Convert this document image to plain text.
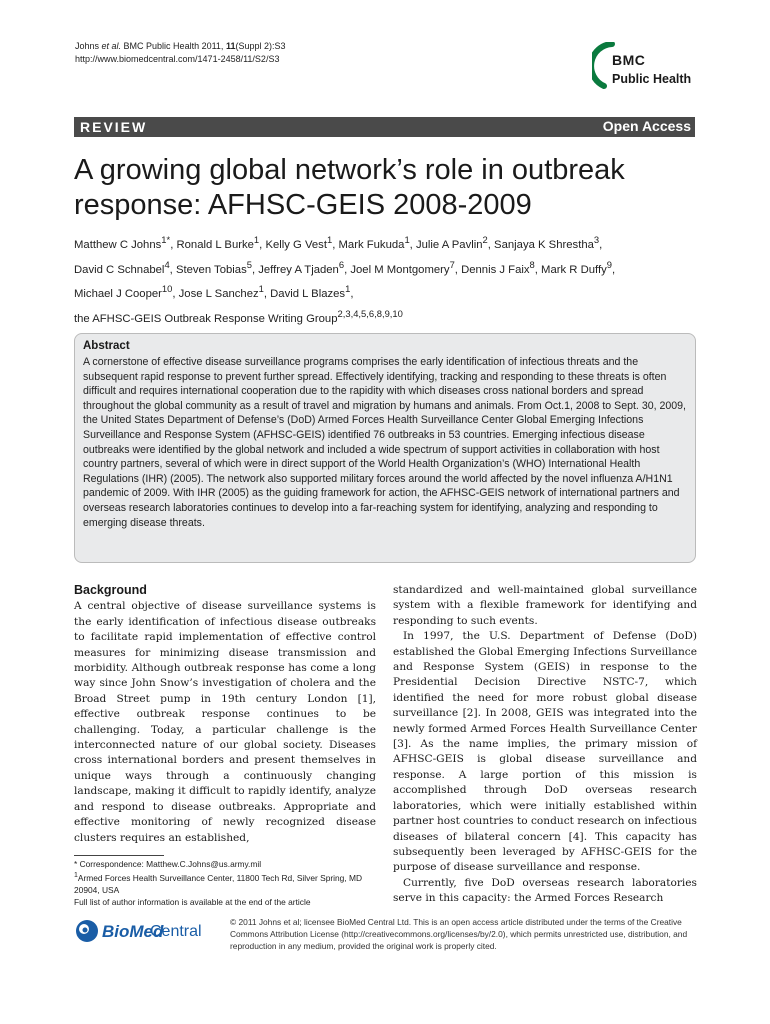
Johns et al. BMC Public Health 2011, 11(Suppl 2):S3
http://www.biomedcentral.com/1471-2458/11/S2/S3	BMC
Public Health
REVIEW	Open Access
A growing global network’s role in outbreak response: AFHSC-GEIS 2008-2009
Matthew C Johns$^{1*}$, Ronald L Burke$^1$, Kelly G Vest$^1$, Mark Fukuda$^1$, Julie A Pavlin$^2$, Sanjaya K Shrestha$^3$,
David C Schnabel$^4$, Steven Tobias$^5$, Jeffrey A Tjaden$^6$, Joel M Montgomery$^7$, Dennis J Faix$^8$, Mark R Duffy$^9$,
Michael J Cooper$^{10}$, Jose L Sanchez$^1$, David L Blazes$^1$,
the AFHSC-GEIS Outbreak Response Writing Group$^{2,3,4,5,6,8,9,10}$
Abstract

A cornerstone of effective disease surveillance programs comprises the early identification of infectious threats and the subsequent rapid response to prevent further spread. Effectively identifying, tracking and responding to these threats is often difficult and requires international cooperation due to the rapidity with which diseases cross national borders and spread throughout the global community as a result of travel and migration by humans and animals. From Oct.1, 2008 to Sept. 30, 2009, the United States Department of Defense’s (DoD) Armed Forces Health Surveillance Center Global Emerging Infections Surveillance and Response System (AFHSC-GEIS) identified 76 outbreaks in 53 countries. Emerging infectious disease outbreaks were identified by the global network and included a wide spectrum of support activities in collaboration with host country partners, several of which were in direct support of the World Health Organization’s (WHO) International Health Regulations (IHR) (2005). The network also supported military forces around the world affected by the novel influenza A/H1N1 pandemic of 2009. With IHR (2005) as the guiding framework for action, the AFHSC-GEIS network of international partners and overseas research laboratories continues to develop into a far-reaching system for identifying, analyzing and responding to emerging disease threats.

Background

A central objective of disease surveillance systems is the early identification of infectious disease outbreaks to facilitate rapid implementation of effective control measures for minimizing disease transmission and morbidity. Although outbreak response has come a long way since John Snow’s investigation of cholera and the Broad Street pump in 19th century London [1], effective outbreak response continues to be challenging. Today, a particular challenge is the interconnected nature of our global society. Diseases cross international borders and present themselves in unique ways through a continuously changing landscape, making it difficult to rapidly identify, analyze and respond to disease outbreaks. Appropriate and effective monitoring of newly recognized disease clusters requires an established,

standardized and well-maintained global surveillance system with a flexible framework for identifying and responding to such events.

In 1997, the U.S. Department of Defense (DoD) established the Global Emerging Infections Surveillance and Response System (GEIS) in response to the Presidential Decision Directive NSTC-7, which identified the need for more robust global disease surveillance [2]. In 2008, GEIS was integrated into the newly formed Armed Forces Health Surveillance Center [3]. As the name implies, the primary mission of AFHSC-GEIS is global disease surveillance and response. A large portion of this mission is accomplished through DoD overseas research laboratories, which were initially established within partner host countries to conduct research on infectious diseases of bilateral concern [4]. This capacity has subsequently been leveraged by AFHSC-GEIS for the purpose of disease surveillance and response.

Currently, five DoD overseas research laboratories serve in this capacity: the Armed Forces Research

* Correspondence: Matthew.C.Johns@us.army.mil
$^1$Armed Forces Health Surveillance Center, 11800 Tech Rd, Silver Spring, MD 20904, USA
Full list of author information is available at the end of the article
BioMed
Central
© 2011 Johns et al; licensee BioMed Central Ltd. This is an open access article distributed under the terms of the Creative Commons Attribution License (http://creativecommons.org/licenses/by/2.0), which permits unrestricted use, distribution, and reproduction in any medium, provided the original work is properly cited.
